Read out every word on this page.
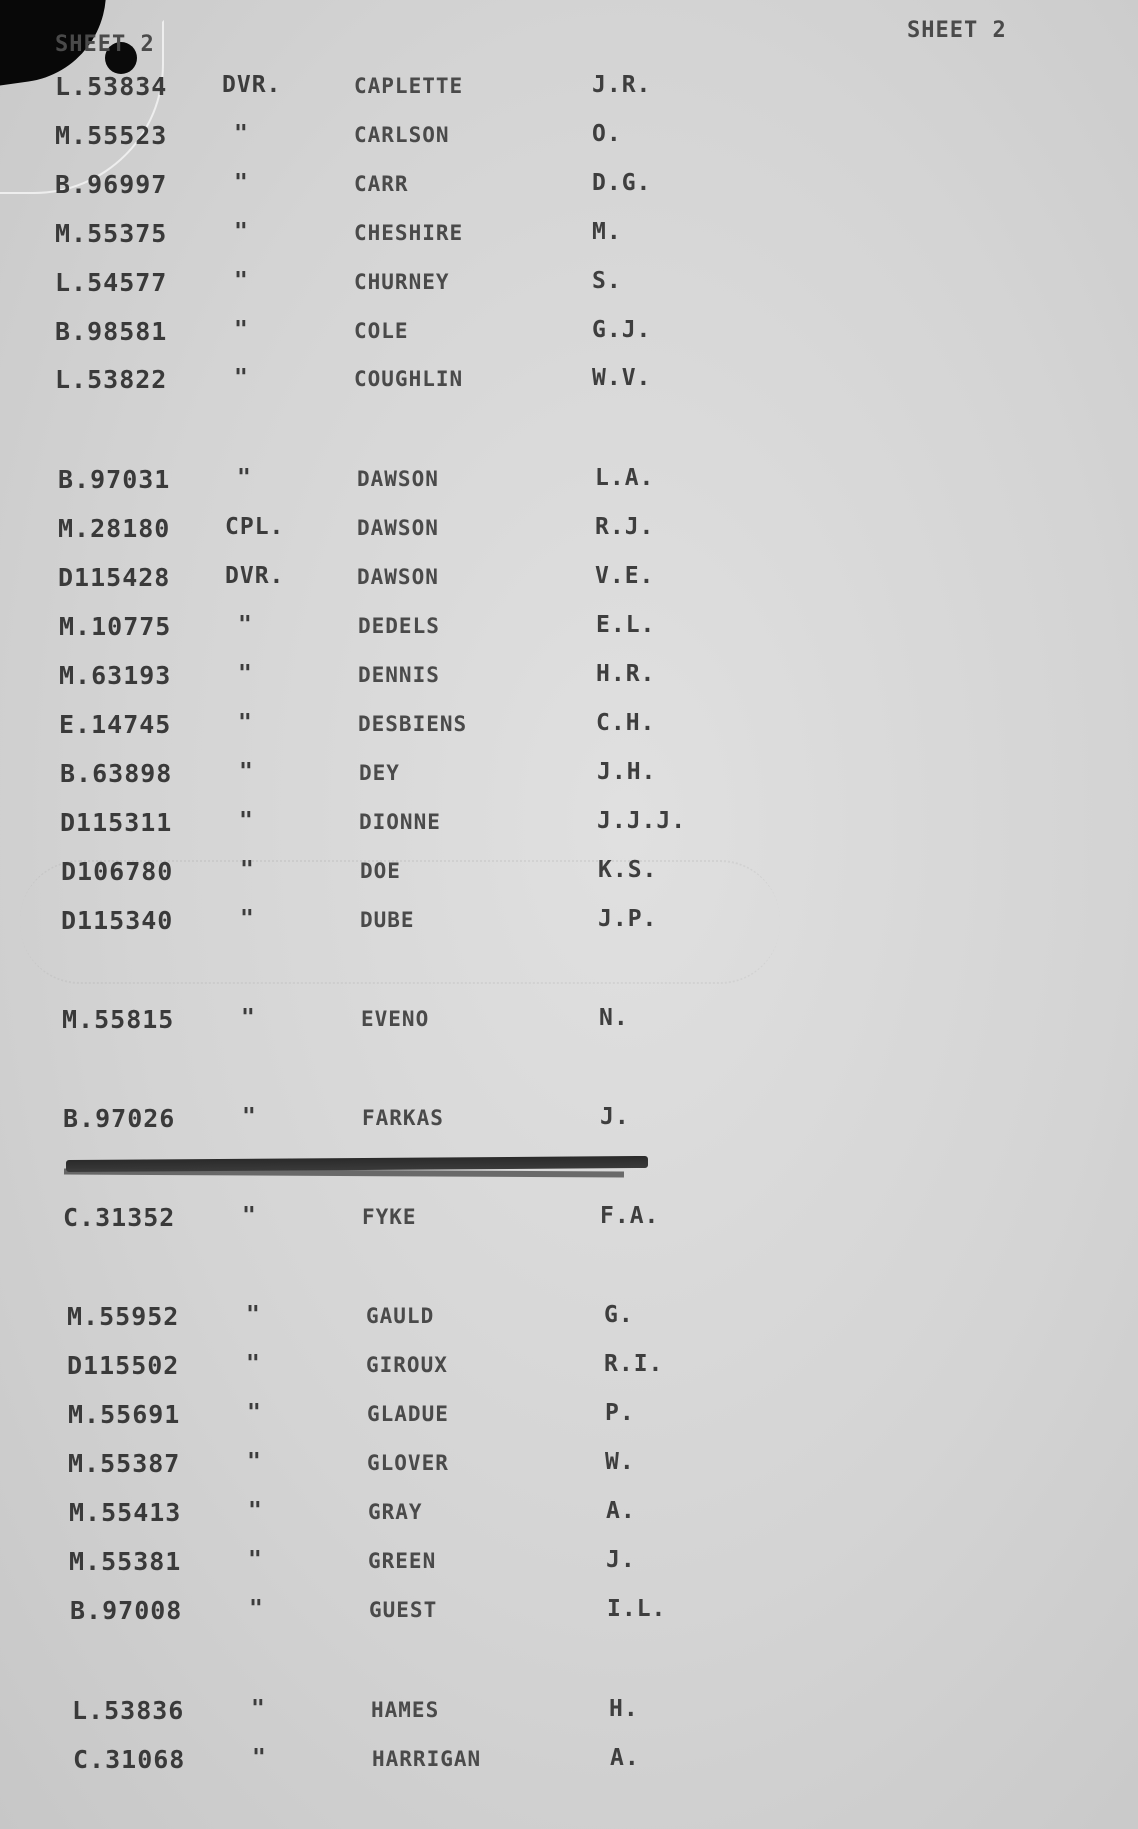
SHEET 2
SHEET 2
L.53834 DVR.	CAPLETTE	J.R.
M.55523	"	CARLSON	O.
B.96997	"	CARR	D.G.
M.55375	"	CHESHIRE	M.
L.54577	"	CHURNEY	S.
B.98581	"	COLE	G.J.
L.53822	"	COUGHLIN	W.V.
B.97031	"	DAWSON	L.A.
M.28180 CPL.	DAWSON	R.J.
D115428 DVR.	DAWSON	V.E.
M.10775	"	DEDELS	E.L.
M.63193	"	DENNIS	H.R.
E.14745	"	DESBIENS	C.H.
B.63898	"	DEY	J.H.
D115311	"	DIONNE	J.J.J.
D106780	"	DOE	K.S.
D115340	"	DUBE	J.P.
M.55815	"	EVENO	N.
B.97026	"	FARKAS	J.
C.31352	"	FYKE	F.A.
M.55952	"	GAULD	G.
D115502	"	GIROUX	R.I.
M.55691	"	GLADUE	P.
M.55387	"	GLOVER	W.
M.55413	"	GRAY	A.
M.55381	"	GREEN	J.
B.97008	"	GUEST	I.L.
L.53836	"	HAMES	H.
C.31068	"	HARRIGAN	A.
